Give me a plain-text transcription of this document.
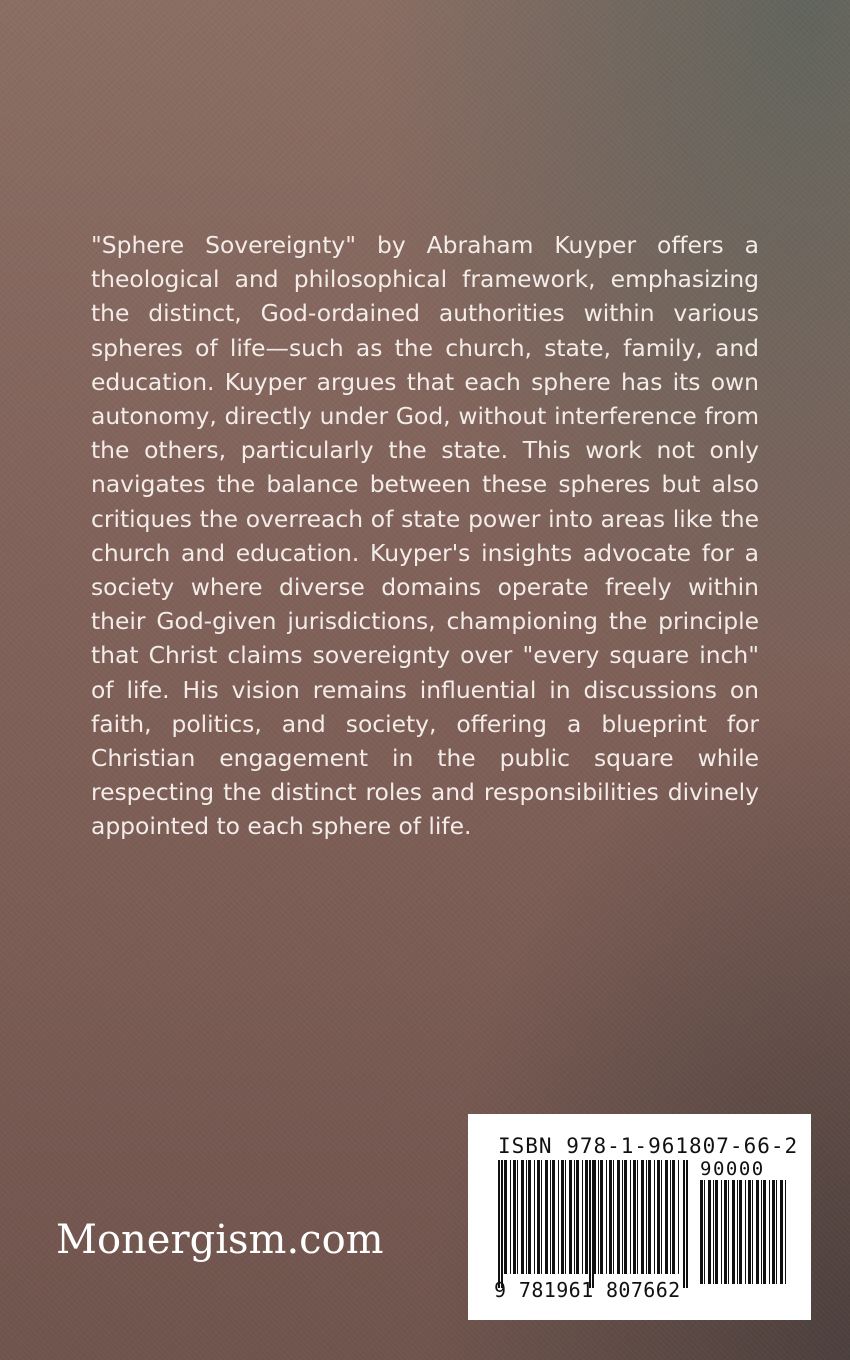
"Sphere Sovereignty" by Abraham Kuyper offers a theological and philosophical framework, emphasizing the distinct, God-ordained authorities within various spheres of life—such as the church, state, family, and education. Kuyper argues that each sphere has its own autonomy, directly under God, without interference from the others, particularly the state. This work not only navigates the balance between these spheres but also critiques the overreach of state power into areas like the church and education. Kuyper's insights advocate for a society where diverse domains operate freely within their God-given jurisdictions, championing the principle that Christ claims sovereignty over "every square inch" of life. His vision remains influential in discussions on faith, politics, and society, offering a blueprint for Christian engagement in the public square while respecting the distinct roles and responsibilities divinely appointed to each sphere of life.

Monergism.com

ISBN 978-1-961807-66-2

90000

9 781961 807662
